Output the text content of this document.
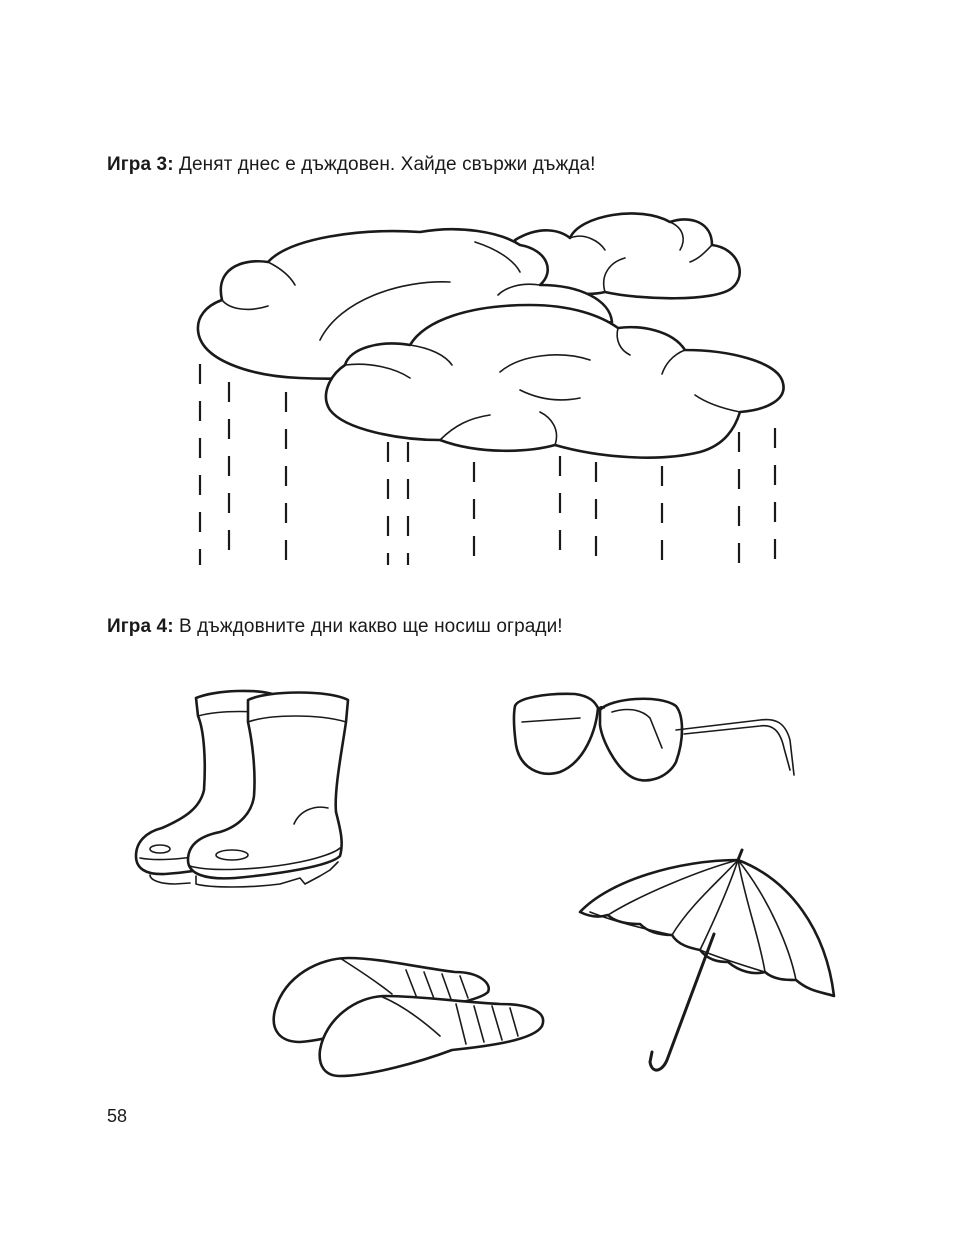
Игра 3: Денят днес е дъждовен. Хайде свържи дъжда!
Игра 4: В дъждовните дни какво ще носиш огради!
58
